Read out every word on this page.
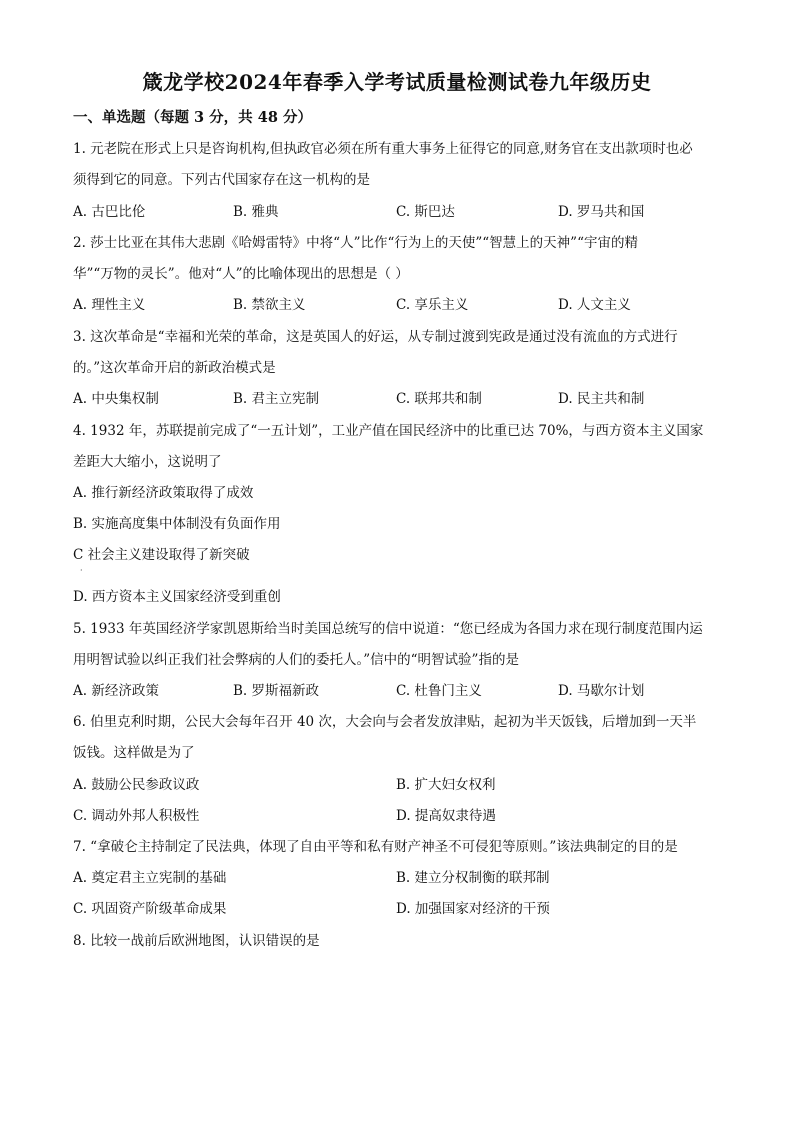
箴龙学校2024年春季入学考试质量检测试卷九年级历史
一、单选题（每题 3 分，共 48 分）
1. 元老院在形式上只是咨询机构,但执政官必须在所有重大事务上征得它的同意,财务官在支出款项时也必
须得到它的同意。下列古代国家存在这一机构的是
A. 古巴比伦	B. 雅典	C. 斯巴达	D. 罗马共和国
2. 莎士比亚在其伟大悲剧《哈姆雷特》中将“人”比作“行为上的天使”“智慧上的天神”“宇宙的精
华”“万物的灵长”。他对“人”的比喻体现出的思想是（ ）
A. 理性主义	B. 禁欲主义	C. 享乐主义	D. 人文主义
3. 这次革命是“幸福和光荣的革命，这是英国人的好运，从专制过渡到宪政是通过没有流血的方式进行
的。”这次革命开启的新政治模式是
A. 中央集权制	B. 君主立宪制	C. 联邦共和制	D. 民主共和制
4. 1932 年，苏联提前完成了“一五计划”，工业产值在国民经济中的比重已达 70%，与西方资本主义国家
差距大大缩小，这说明了
A. 推行新经济政策取得了成效
B. 实施高度集中体制没有负面作用
C 社会主义建设取得了新突破
·
D. 西方资本主义国家经济受到重创
5. 1933 年英国经济学家凯恩斯给当时美国总统写的信中说道：“您已经成为各国力求在现行制度范围内运
用明智试验以纠正我们社会弊病的人们的委托人。”信中的“明智试验”指的是
A. 新经济政策	B. 罗斯福新政	C. 杜鲁门主义	D. 马歇尔计划
6. 伯里克利时期，公民大会每年召开 40 次，大会向与会者发放津贴，起初为半天饭钱，后增加到一天半
饭钱。这样做是为了
A. 鼓励公民参政议政	B. 扩大妇女权利
C. 调动外邦人积极性	D. 提高奴隶待遇
7. “拿破仑主持制定了民法典，体现了自由平等和私有财产神圣不可侵犯等原则。”该法典制定的目的是
A. 奠定君主立宪制的基础	B. 建立分权制衡的联邦制
C. 巩固资产阶级革命成果	D. 加强国家对经济的干预
8. 比较一战前后欧洲地图，认识错误的是
